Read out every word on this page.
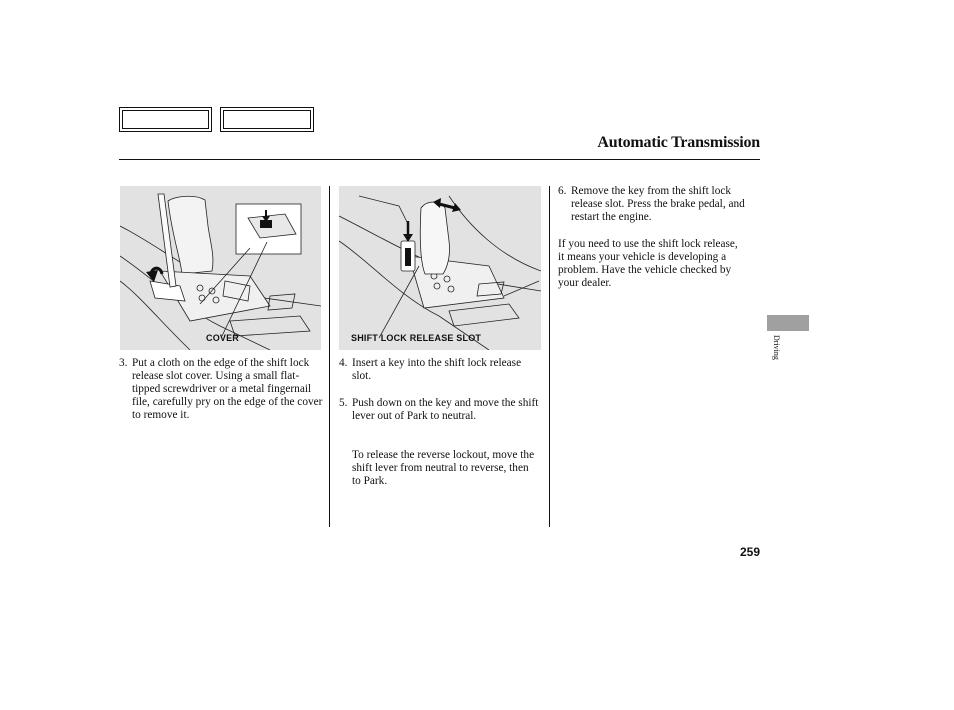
Automatic Transmission
COVER	SHIFT LOCK RELEASE SLOT
3. Put a cloth on the edge of the shift lock release slot cover. Using a small flat-tipped screwdriver or a metal fingernail file, carefully pry on the edge of the cover to remove it.
4. Insert a key into the shift lock release slot.
5. Push down on the key and move the shift lever out of Park to neutral.
To release the reverse lockout, move the shift lever from neutral to reverse, then to Park.
6. Remove the key from the shift lock release slot. Press the brake pedal, and restart the engine.
If you need to use the shift lock release, it means your vehicle is developing a problem. Have the vehicle checked by your dealer.
Driving
259
